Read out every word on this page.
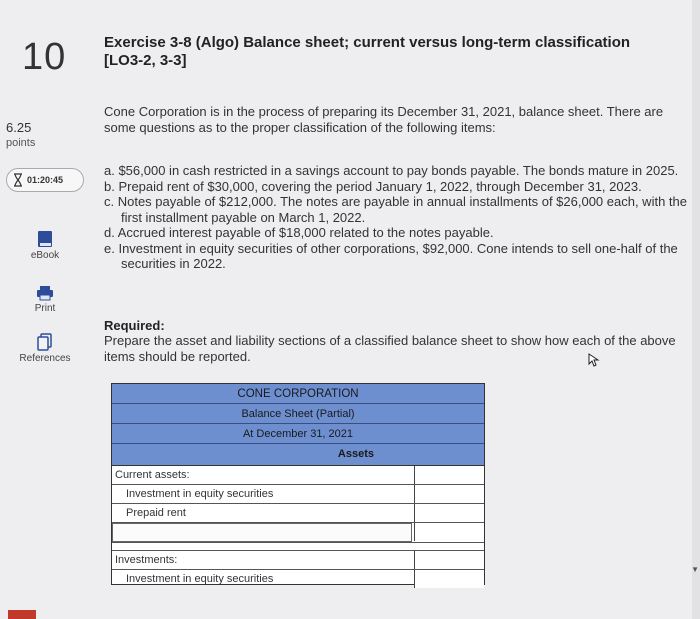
10
6.25
points
01:20:45
eBook
Print
References
Exercise 3-8 (Algo) Balance sheet; current versus long-term classification
[LO3-2, 3-3]
Cone Corporation is in the process of preparing its December 31, 2021, balance sheet. There are some questions as to the proper classification of the following items:
a. $56,000 in cash restricted in a savings account to pay bonds payable. The bonds mature in 2025.
b. Prepaid rent of $30,000, covering the period January 1, 2022, through December 31, 2023.
c. Notes payable of $212,000. The notes are payable in annual installments of $26,000 each, with the first installment payable on March 1, 2022.
d. Accrued interest payable of $18,000 related to the notes payable.
e. Investment in equity securities of other corporations, $92,000. Cone intends to sell one-half of the securities in 2022.
Required:
Prepare the asset and liability sections of a classified balance sheet to show how each of the above items should be reported.
CONE CORPORATION
Balance Sheet (Partial)
At December 31, 2021
Assets
Current assets:
Investment in equity securities
Prepaid rent
Investments:
Investment in equity securities
▼
